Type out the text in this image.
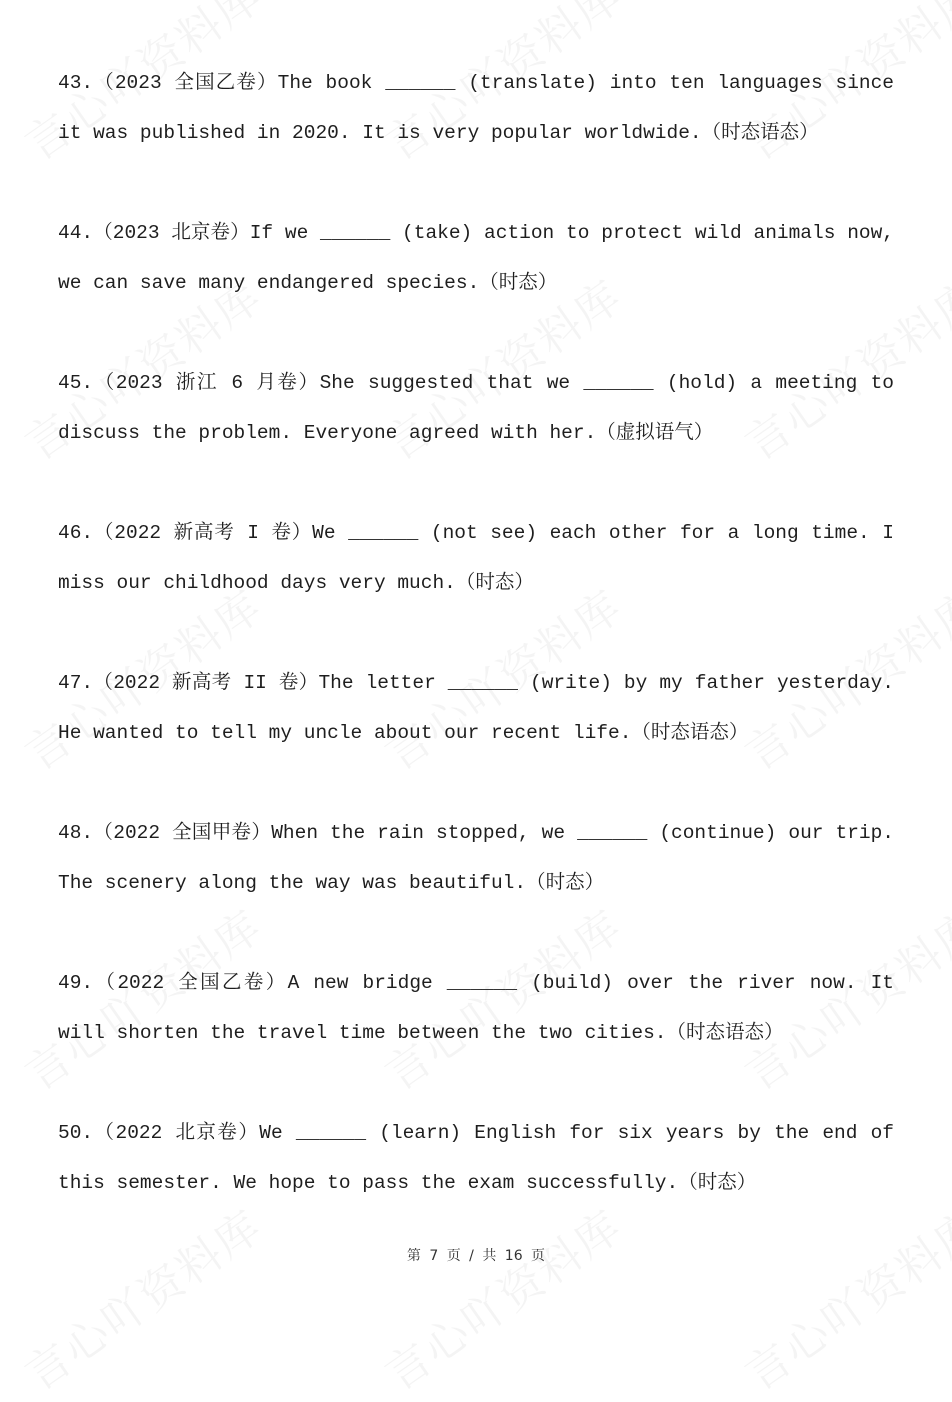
43.（2023 全国乙卷）The book ______ (translate) into ten languages since
it was published in 2020. It is very popular worldwide.（时态语态）
44.（2023 北京卷）If we ______ (take) action to protect wild animals now,
we can save many endangered species.（时态）
45.（2023 浙江 6 月卷）She suggested that we ______ (hold) a meeting to
discuss the problem. Everyone agreed with her.（虚拟语气）
46.（2022 新高考 I 卷）We ______ (not see) each other for a long time. I
miss our childhood days very much.（时态）
47.（2022 新高考 II 卷）The letter ______ (write) by my father yesterday.
He wanted to tell my uncle about our recent life.（时态语态）
48.（2022 全国甲卷）When the rain stopped, we ______ (continue) our trip.
The scenery along the way was beautiful.（时态）
49.（2022 全国乙卷）A new bridge ______ (build) over the river now. It
will shorten the travel time between the two cities.（时态语态）
50.（2022 北京卷）We ______ (learn) English for six years by the end of
this semester. We hope to pass the exam successfully.（时态）
第 7 页 / 共 16 页
